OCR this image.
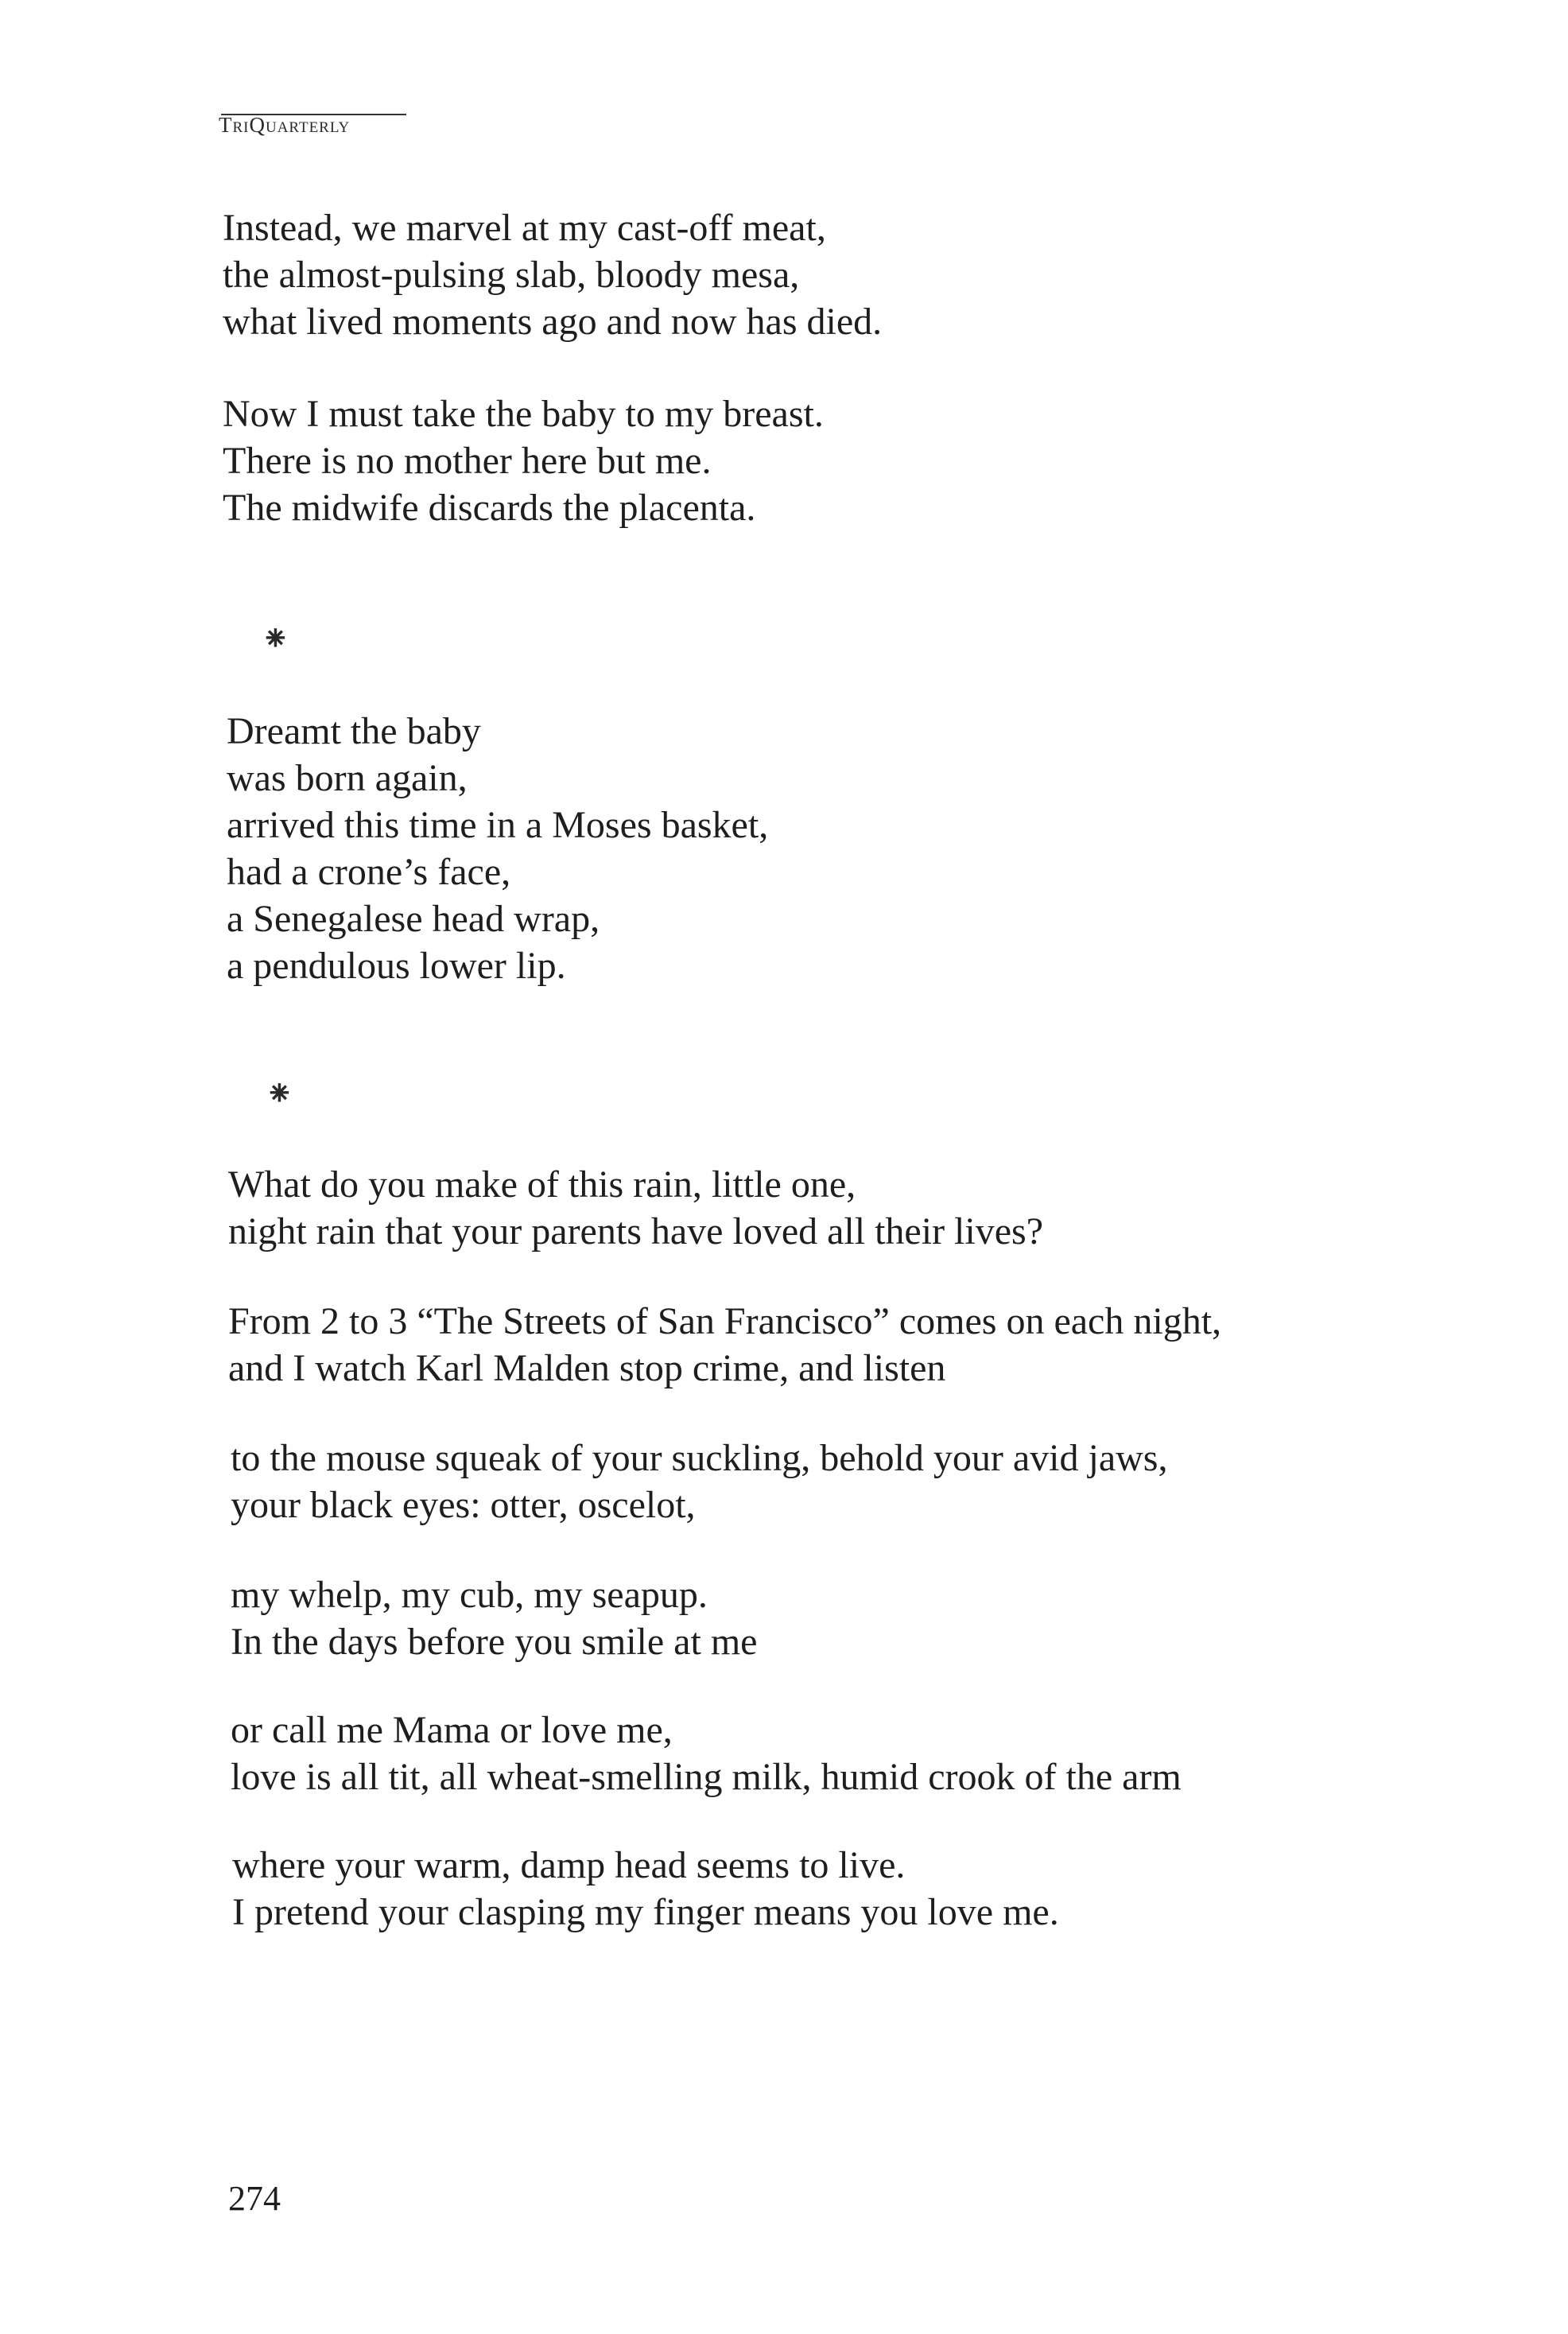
TriQuarterly
Instead, we marvel at my cast-off meat,
the almost-pulsing slab, bloody mesa,
what lived moments ago and now has died.
Now I must take the baby to my breast.
There is no mother here but me.
The midwife discards the placenta.
⁕
Dreamt the baby
was born again,
arrived this time in a Moses basket,
had a crone’s face,
a Senegalese head wrap,
a pendulous lower lip.
⁕
What do you make of this rain, little one,
night rain that your parents have loved all their lives?
From 2 to 3 “The Streets of San Francisco” comes on each night,
and I watch Karl Malden stop crime, and listen
to the mouse squeak of your suckling, behold your avid jaws,
your black eyes: otter, oscelot,
my whelp, my cub, my seapup.
In the days before you smile at me
or call me Mama or love me,
love is all tit, all wheat-smelling milk, humid crook of the arm
where your warm, damp head seems to live.
I pretend your clasping my finger means you love me.
274
